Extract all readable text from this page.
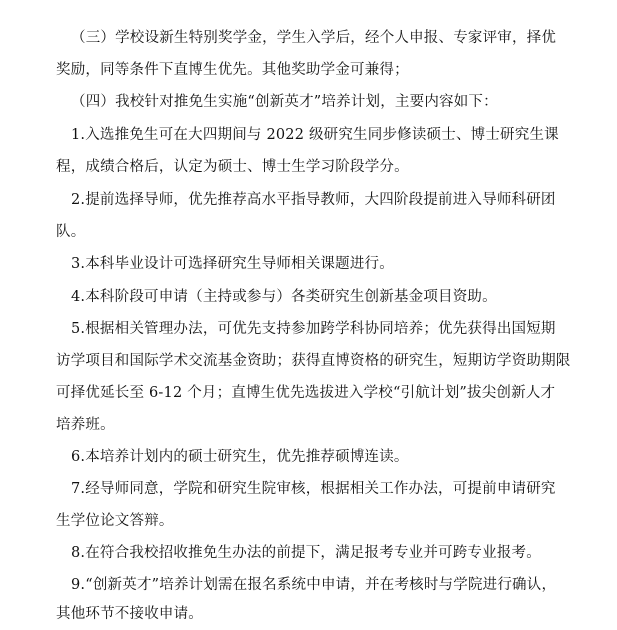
（三）学校设新生特别奖学金，学生入学后，经个人申报、专家评审，择优
奖励，同等条件下直博生优先。其他奖助学金可兼得；
（四）我校针对推免生实施“创新英才”培养计划，主要内容如下：
1.入选推免生可在大四期间与 2022 级研究生同步修读硕士、博士研究生课
程，成绩合格后，认定为硕士、博士生学习阶段学分。
2.提前选择导师，优先推荐高水平指导教师，大四阶段提前进入导师科研团
队。
3.本科毕业设计可选择研究生导师相关课题进行。
4.本科阶段可申请（主持或参与）各类研究生创新基金项目资助。
5.根据相关管理办法，可优先支持参加跨学科协同培养；优先获得出国短期
访学项目和国际学术交流基金资助；获得直博资格的研究生，短期访学资助期限
可择优延长至 6-12 个月；直博生优先选拔进入学校“引航计划”拔尖创新人才
培养班。
6.本培养计划内的硕士研究生，优先推荐硕博连读。
7.经导师同意，学院和研究生院审核，根据相关工作办法，可提前申请研究
生学位论文答辩。
8.在符合我校招收推免生办法的前提下，满足报考专业并可跨专业报考。
9.“创新英才”培养计划需在报名系统中申请，并在考核时与学院进行确认，
其他环节不接收申请。
